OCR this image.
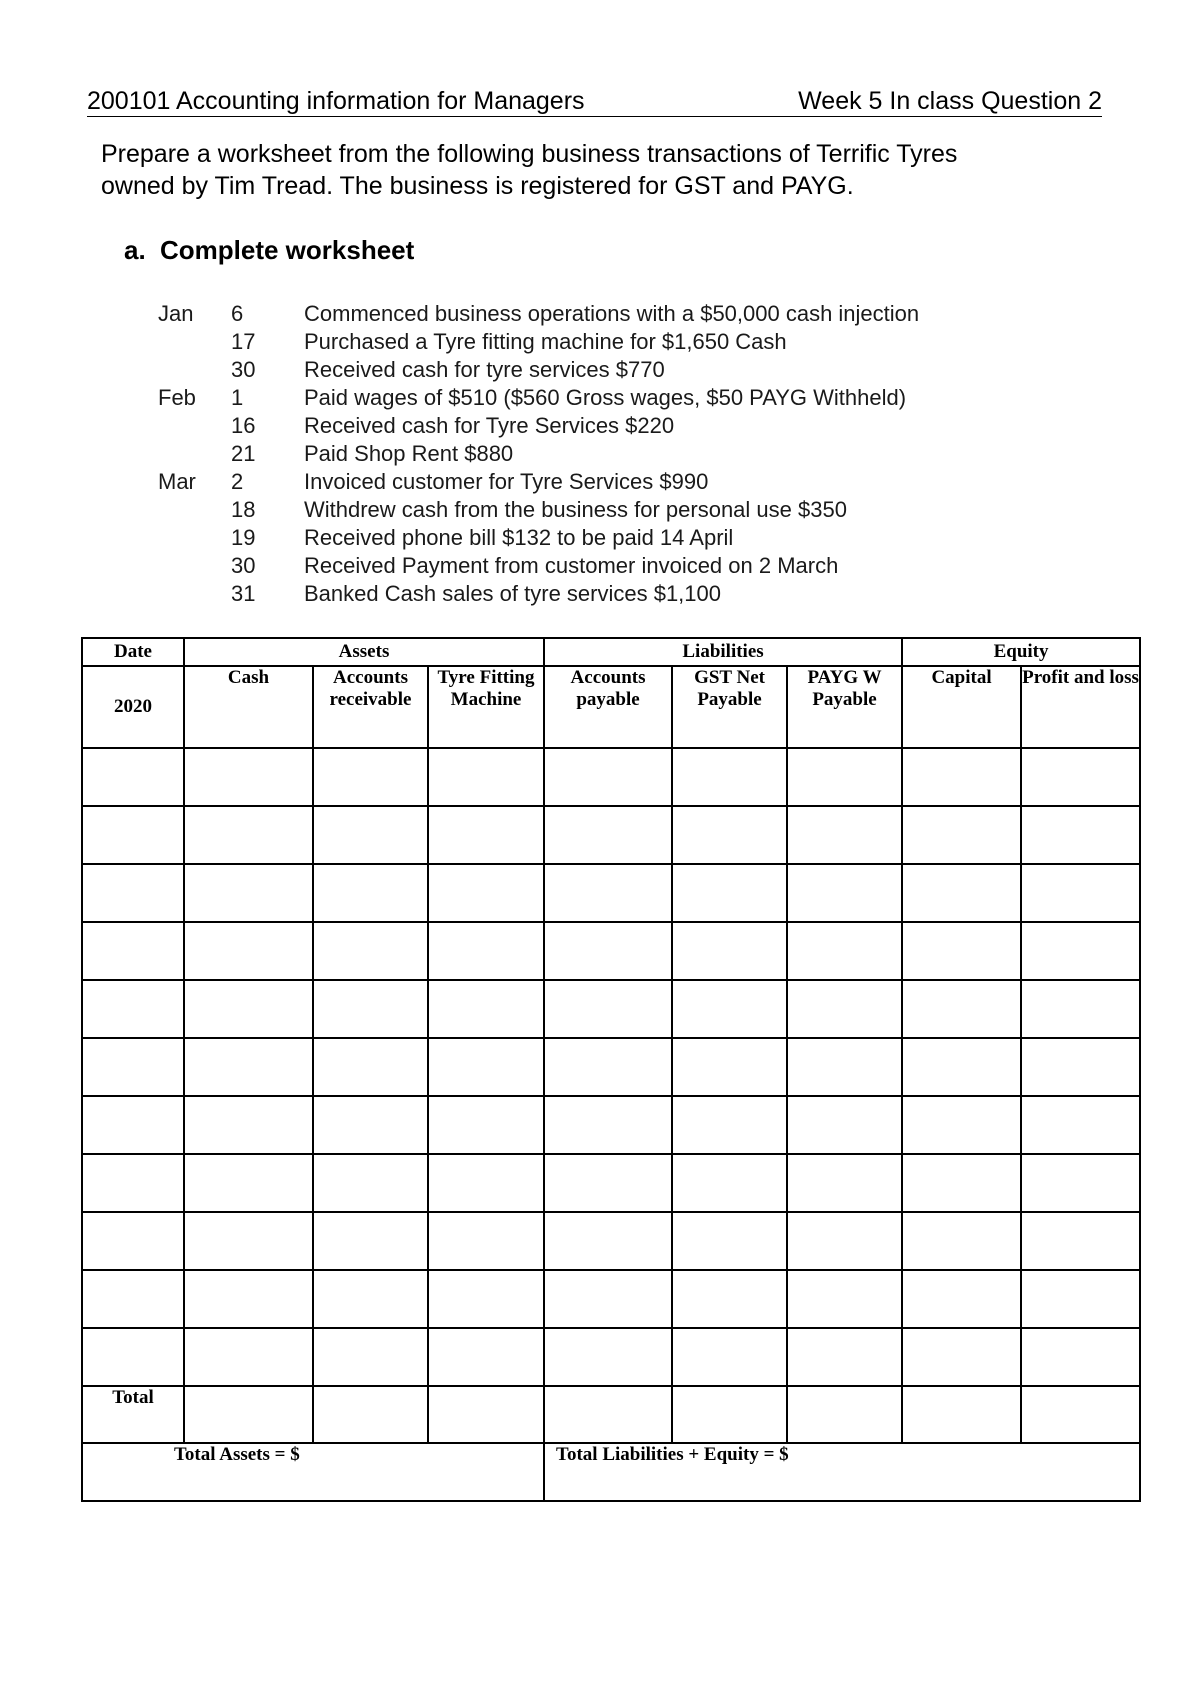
200101 Accounting information for Managers	Week 5 In class Question 2
Prepare a worksheet from the following business transactions of Terrific Tyres
owned by Tim Tread. The business is registered for GST and PAYG.
a. Complete worksheet
Jan 6	Commenced business operations with a $50,000 cash injection
17 Purchased a Tyre fitting machine for $1,650 Cash
30 Received cash for tyre services $770
Feb 1	Paid wages of $510 ($560 Gross wages, $50 PAYG Withheld)
16 Received cash for Tyre Services $220
21 Paid Shop Rent $880
Mar 2	Invoiced customer for Tyre Services $990
18 Withdrew cash from the business for personal use $350
19 Received phone bill $132 to be paid 14 April
30 Received Payment from customer invoiced on 2 March
31 Banked Cash sales of tyre services $1,100
Date	Assets			Liabilities			Equity	
2020	Cash	Accounts receivable	Tyre Fitting Machine	Accounts payable	GST Net Payable	PAYG W Payable	Capital	Profit and loss

Total								
Total Assets = $				Total Liabilities + Equity = $				
